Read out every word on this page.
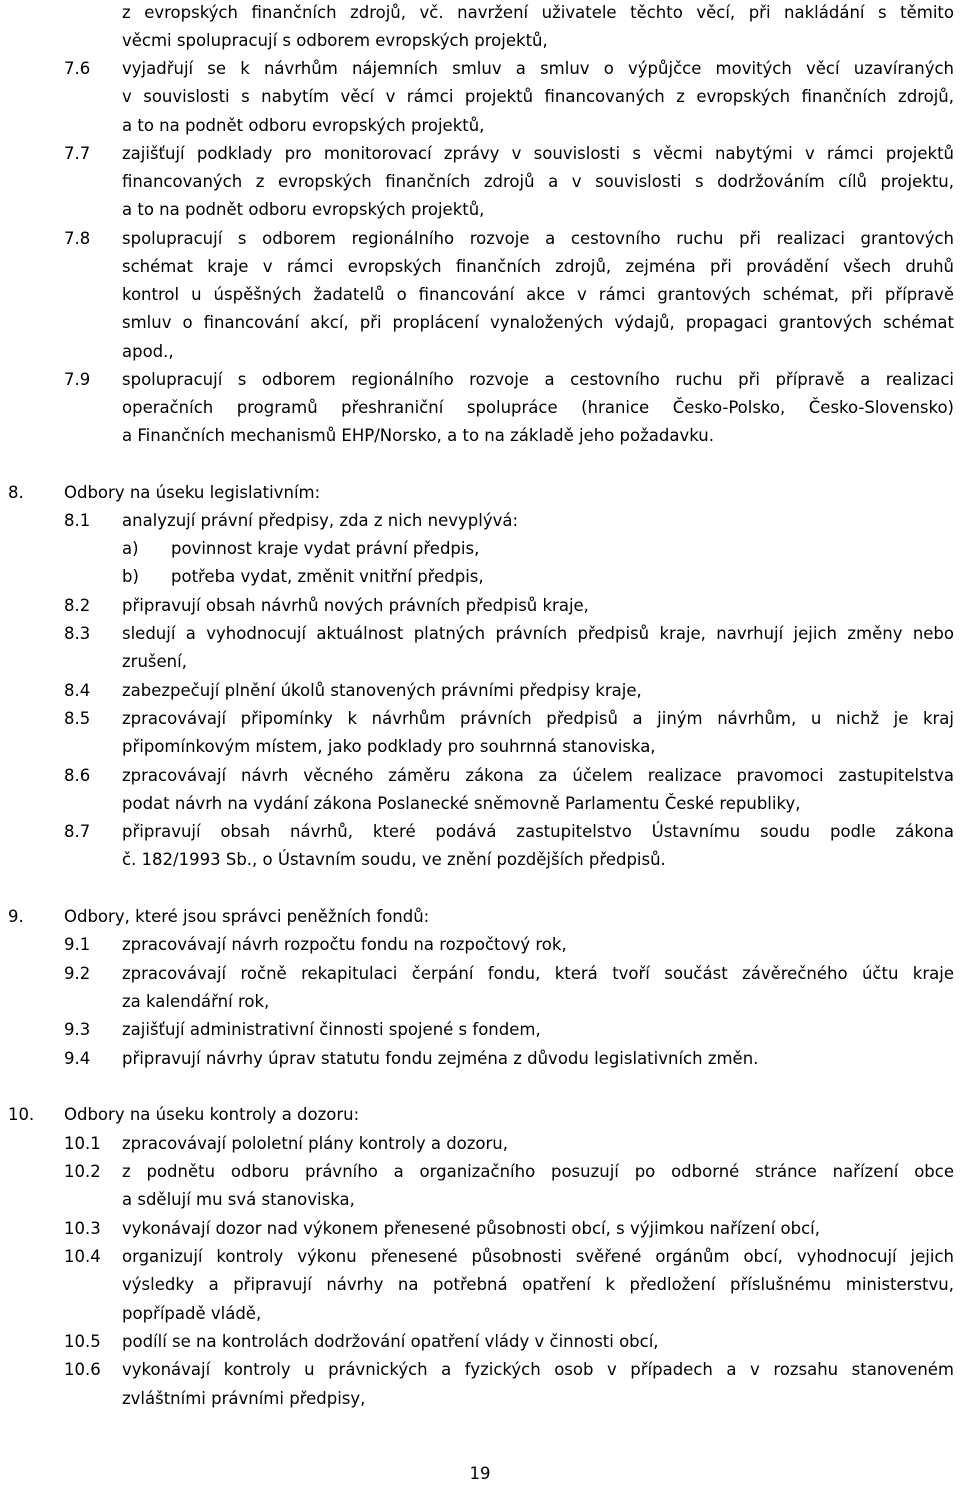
z evropských finančních zdrojů, vč. navržení uživatele těchto věcí, při nakládání s těmito
věcmi spolupracují s odborem evropských projektů,
7.6 vyjadřují se k návrhům nájemních smluv a smluv o výpůjčce movitých věcí uzavíraných
v souvislosti s nabytím věcí v rámci projektů financovaných z evropských finančních zdrojů,
a to na podnět odboru evropských projektů,
7.7 zajišťují podklady pro monitorovací zprávy v souvislosti s věcmi nabytými v rámci projektů
financovaných z evropských finančních zdrojů a v souvislosti s dodržováním cílů projektu,
a to na podnět odboru evropských projektů,
7.8 spolupracují s odborem regionálního rozvoje a cestovního ruchu při realizaci grantových
schémat kraje v rámci evropských finančních zdrojů, zejména při provádění všech druhů
kontrol u úspěšných žadatelů o financování akce v rámci grantových schémat, při přípravě
smluv o financování akcí, při proplácení vynaložených výdajů, propagaci grantových schémat
apod.,
7.9 spolupracují s odborem regionálního rozvoje a cestovního ruchu při přípravě a realizaci
operačních programů přeshraniční spolupráce (hranice Česko-Polsko, Česko-Slovensko)
a Finančních mechanismů EHP/Norsko, a to na základě jeho požadavku.
8. Odbory na úseku legislativním:
8.1 analyzují právní předpisy, zda z nich nevyplývá:
a) povinnost kraje vydat právní předpis,
b) potřeba vydat, změnit vnitřní předpis,
8.2 připravují obsah návrhů nových právních předpisů kraje,
8.3 sledují a vyhodnocují aktuálnost platných právních předpisů kraje, navrhují jejich změny nebo
zrušení,
8.4 zabezpečují plnění úkolů stanovených právními předpisy kraje,
8.5 zpracovávají připomínky k návrhům právních předpisů a jiným návrhům, u nichž je kraj
připomínkovým místem, jako podklady pro souhrnná stanoviska,
8.6 zpracovávají návrh věcného záměru zákona za účelem realizace pravomoci zastupitelstva
podat návrh na vydání zákona Poslanecké sněmovně Parlamentu České republiky,
8.7 připravují obsah návrhů, které podává zastupitelstvo Ústavnímu soudu podle zákona
č. 182/1993 Sb., o Ústavním soudu, ve znění pozdějších předpisů.
9. Odbory, které jsou správci peněžních fondů:
9.1 zpracovávají návrh rozpočtu fondu na rozpočtový rok,
9.2 zpracovávají ročně rekapitulaci čerpání fondu, která tvoří součást závěrečného účtu kraje
za kalendářní rok,
9.3 zajišťují administrativní činnosti spojené s fondem,
9.4 připravují návrhy úprav statutu fondu zejména z důvodu legislativních změn.
10. Odbory na úseku kontroly a dozoru:
10.1 zpracovávají pololetní plány kontroly a dozoru,
10.2 z podnětu odboru právního a organizačního posuzují po odborné stránce nařízení obce
a sdělují mu svá stanoviska,
10.3 vykonávají dozor nad výkonem přenesené působnosti obcí, s výjimkou nařízení obcí,
10.4 organizují kontroly výkonu přenesené působnosti svěřené orgánům obcí, vyhodnocují jejich
výsledky a připravují návrhy na potřebná opatření k předložení příslušnému ministerstvu,
popřípadě vládě,
10.5 podílí se na kontrolách dodržování opatření vlády v činnosti obcí,
10.6 vykonávají kontroly u právnických a fyzických osob v případech a v rozsahu stanoveném
zvláštními právními předpisy,
19
